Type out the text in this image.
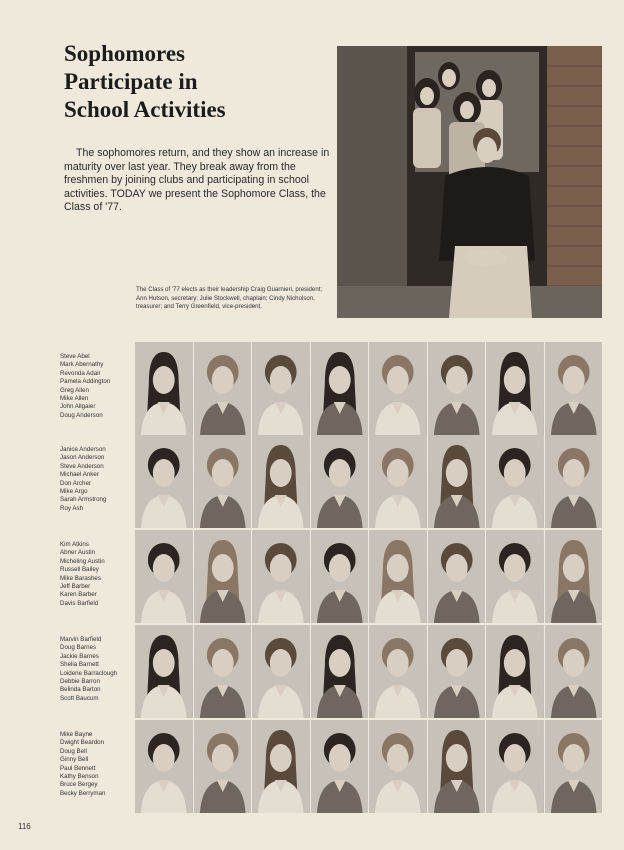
Sophomores
Participate in
School Activities

The sophomores return, and they show an increase in maturity over last year. They break away from the freshmen by joining clubs and participating in school activities. TODAY we present the Sophomore Class, the Class of '77.

The Class of '77 elects as their leadership Craig Guarnieri, president; Ann Hutson, secretary; Julie Stockwell, chaplain; Cindy Nicholson, treasurer; and Terry Greenfield, vice-president.

Steve Abel
Mark Abernathy
Revonda Adair
Pamela Addington
Greg Allen
Mike Allen
John Allgaier
Doug Anderson
Janice Anderson
Jason Anderson
Steve Anderson
Michael Anker
Don Archer
Mike Argo
Sarah Armstrong
Roy Ash
Kim Atkins
Abner Austin
Micheling Austin
Russell Bailey
Mike Barashes
Jeff Barber
Karen Barber
Davis Barfield
Marvin Barfield
Doug Barnes
Jackie Barnes
Shelia Barnett
Loidene Barraclough
Debbie Barron
Belinda Barton
Scott Baucum
Mike Bayne
Dwight Beardon
Doug Bell
Ginny Bell
Paul Bennett
Kathy Benson
Bruce Bergey
Becky Berryman

116
